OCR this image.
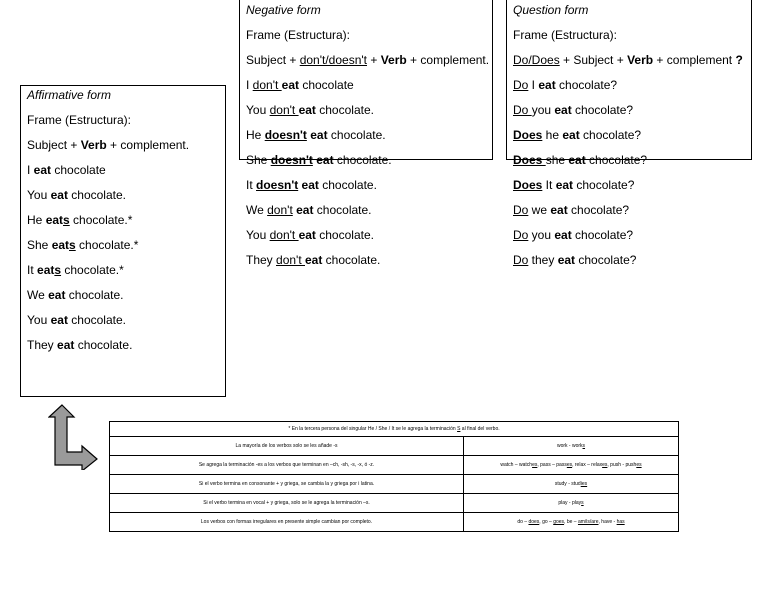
Affirmative form
Frame (Estructura):
Subject + Verb + complement.
I eat chocolate
You eat chocolate.
He eats chocolate.*
She eats chocolate.*
It eats chocolate.*
We eat chocolate.
You eat chocolate.
They eat chocolate.
Negative form
Frame (Estructura):
Subject + don't/doesn't + Verb + complement.
I don't eat chocolate
You don't eat chocolate.
He doesn't eat chocolate.
She doesn't eat chocolate.
It doesn't eat chocolate.
We don't eat chocolate.
You don't eat chocolate.
They don't eat chocolate.
Question form
Frame (Estructura):
Do/Does + Subject + Verb + complement ?
Do I eat chocolate?
Do you eat chocolate?
Does he eat chocolate?
Does she eat chocolate?
Does It eat chocolate?
Do we eat chocolate?
Do you eat chocolate?
Do they eat chocolate?
* En la tercera persona del singular He / She / It se le agrega la terminación S al final del verbo.	
La mayoría de los verbos solo se les añade -s	work - works
Se agrega la terminación -es a los verbos que terminan en –ch, -sh, -s, -x, ó -z.	watch – watches, pass – passes, relax – relaxes, push - pushes
Si el verbo termina en consonante + y griega, se cambia la y griega por i latina.	study - studies
Si el verbo termina en vocal + y griega, solo se le agrega la terminación –s.	play - plays
Los verbos con formas irregulares en presente simple cambian por completo.	do – does, go – goes, be – am/is/are, have - has
